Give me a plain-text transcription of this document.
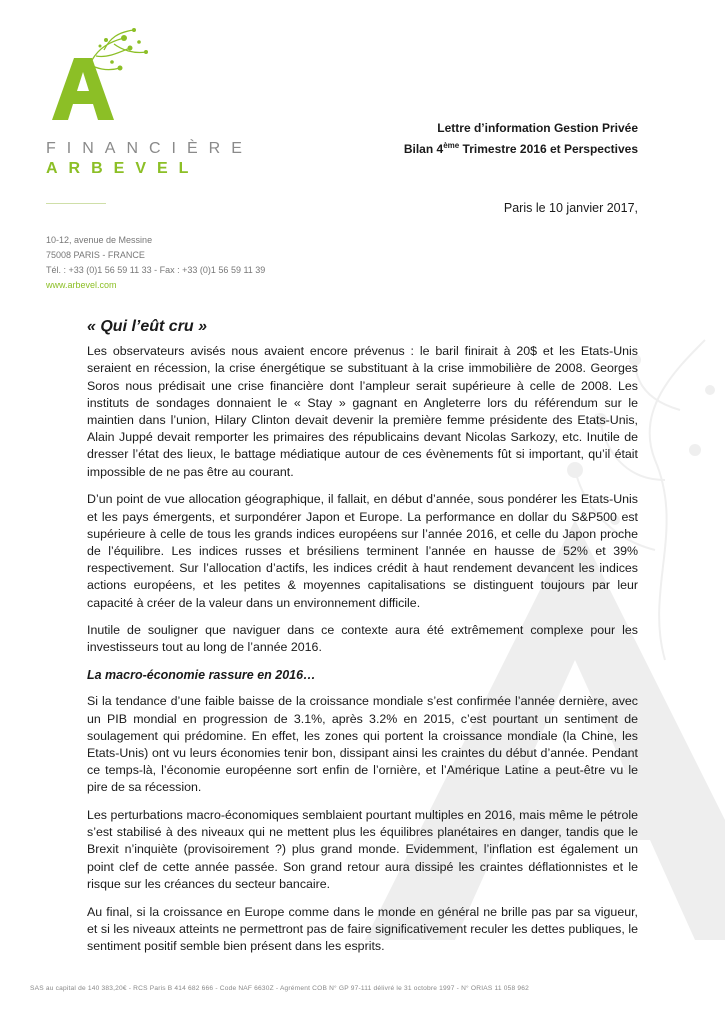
FINANCIÈRE
ARBEVEL
10-12, avenue de Messine
75008 PARIS - FRANCE
Tél. : +33 (0)1 56 59 11 33 - Fax : +33 (0)1 56 59 11 39
www.arbevel.com
Lettre d’information Gestion Privée
Bilan 4ème Trimestre 2016 et Perspectives
Paris le 10 janvier 2017,
« Qui l’eût cru »

Les observateurs avisés nous avaient encore prévenus : le baril finirait à 20$ et les Etats-Unis seraient en récession, la crise énergétique se substituant à la crise immobilière de 2008. Georges Soros nous prédisait une crise financière dont l’ampleur serait supérieure à celle de 2008. Les instituts de sondages donnaient le « Stay » gagnant en Angleterre lors du référendum sur le maintien dans l’union, Hilary Clinton devait devenir la première femme présidente des Etats-Unis, Alain Juppé devait remporter les primaires des républicains devant Nicolas Sarkozy, etc. Inutile de dresser l’état des lieux, le battage médiatique autour de ces évènements fût si important, qu’il était impossible de ne pas être au courant.

D’un point de vue allocation géographique, il fallait, en début d’année, sous pondérer les Etats-Unis et les pays émergents, et surpondérer Japon et Europe. La performance en dollar du S&P500 est supérieure à celle de tous les grands indices européens sur l’année 2016, et celle du Japon proche de l’équilibre. Les indices russes et brésiliens terminent l’année en hausse de 52% et 39% respectivement. Sur l’allocation d’actifs, les indices crédit à haut rendement devancent les indices actions européens, et les petites & moyennes capitalisations se distinguent toujours par leur capacité à créer de la valeur dans un environnement difficile.

Inutile de souligner que naviguer dans ce contexte aura été extrêmement complexe pour les investisseurs tout au long de l’année 2016.

La macro-économie rassure en 2016…

Si la tendance d’une faible baisse de la croissance mondiale s’est confirmée l’année dernière, avec un PIB mondial en progression de 3.1%, après 3.2% en 2015, c’est pourtant un sentiment de soulagement qui prédomine. En effet, les zones qui portent la croissance mondiale (la Chine, les Etats-Unis) ont vu leurs économies tenir bon, dissipant ainsi les craintes du début d’année. Pendant ce temps-là, l’économie européenne sort enfin de l’ornière, et l’Amérique Latine a peut-être vu le pire de sa récession.

Les perturbations macro-économiques semblaient pourtant multiples en 2016, mais même le pétrole s’est stabilisé à des niveaux qui ne mettent plus les équilibres planétaires en danger, tandis que le Brexit n’inquiète (provisoirement ?) plus grand monde. Evidemment, l’inflation est également un point clef de cette année passée. Son grand retour aura dissipé les craintes déflationnistes et le risque sur les créances du secteur bancaire.

Au final, si la croissance en Europe comme dans le monde en général ne brille pas par sa vigueur, et si les niveaux atteints ne permettront pas de faire significativement reculer les dettes publiques, le sentiment positif semble bien présent dans les esprits.

SAS au capital de 140 383,20€ - RCS Paris B 414 682 666 - Code NAF 6630Z - Agrément COB N° GP 97-111 délivré le 31 octobre 1997 - N° ORIAS 11 058 962
